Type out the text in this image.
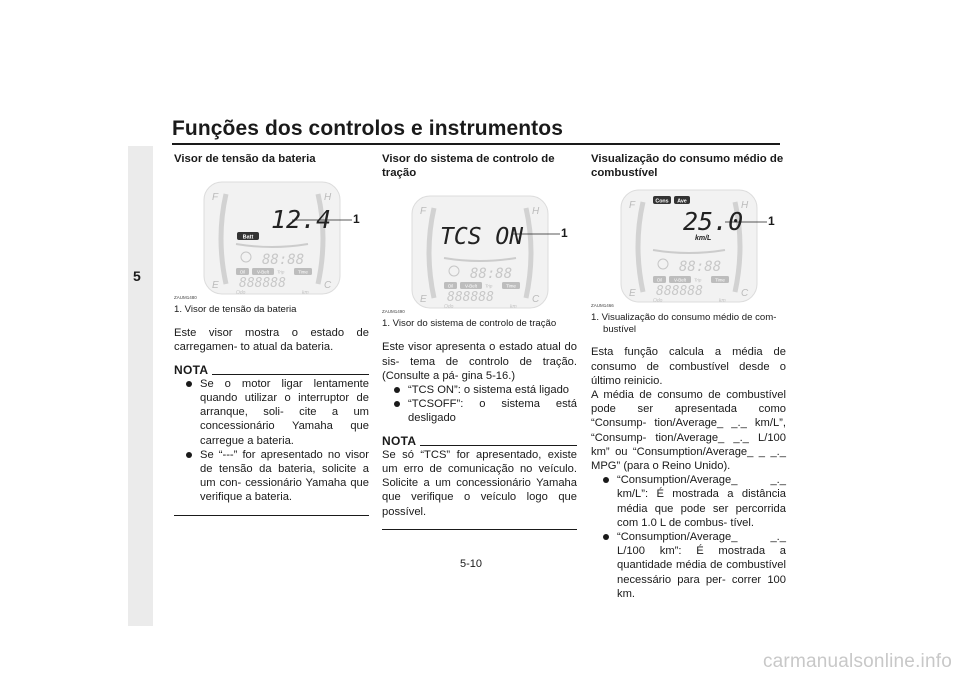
Funções dos controlos e instrumentos
5

Visor de tensão da bateria

F
E
H
C
12.4
Batt
88:88
Oil	V-Belt Trip	Time
888888
Odo	km
1
ZAUM1480

1. Visor de tensão da bateria

Este visor mostra o estado de carregamen- to atual da bateria.

NOTA
Se o motor ligar lentamente quando utilizar o interruptor de arranque, soli- cite a um concessionário Yamaha que carregue a bateria.
Se “---” for apresentado no visor de tensão da bateria, solicite a um con- cessionário Yamaha que verifique a bateria.

Visor do sistema de controlo de tração

F
E
H
C
TCS ON
88:88
Oil	V-Belt Trip	Time
888888
Odo	km
1
ZAUM1490

1. Visor do sistema de controlo de tração

Este visor apresenta o estado atual do sis- tema de controlo de tração. (Consulte a pá- gina 5-16.)

“TCS ON”: o sistema está ligado
“TCSOFF”: o sistema está desligado
NOTA

Se só “TCS” for apresentado, existe um erro de comunicação no veículo. Solicite a um concessionário Yamaha que verifique o veículo logo que possível.

Visualização do consumo médio de combustível

F
E
H
C
Cons Ave
25.0
km/L
88:88
Oil	V-Belt Trip	Time
888888
Odo	km
1
ZAUM1466

1. Visualização do consumo médio de com- bustível

Esta função calcula a média de consumo de combustível desde o último reinicio.

A média de consumo de combustível pode ser apresentada como “Consump- tion/Average_ _._ km/L”, “Consump- tion/Average_ _._ L/100 km” ou “Consumption/Average_ _ _._ MPG” (para o Reino Unido).

“Consumption/Average_ _._ km/L”: É mostrada a distância média que pode ser percorrida com 1.0 L de combus- tível.
“Consumption/Average_ _._ L/100 km”: É mostrada a quantidade média de combustível necessário para per- correr 100 km.
5-10
carmanualsonline.info
